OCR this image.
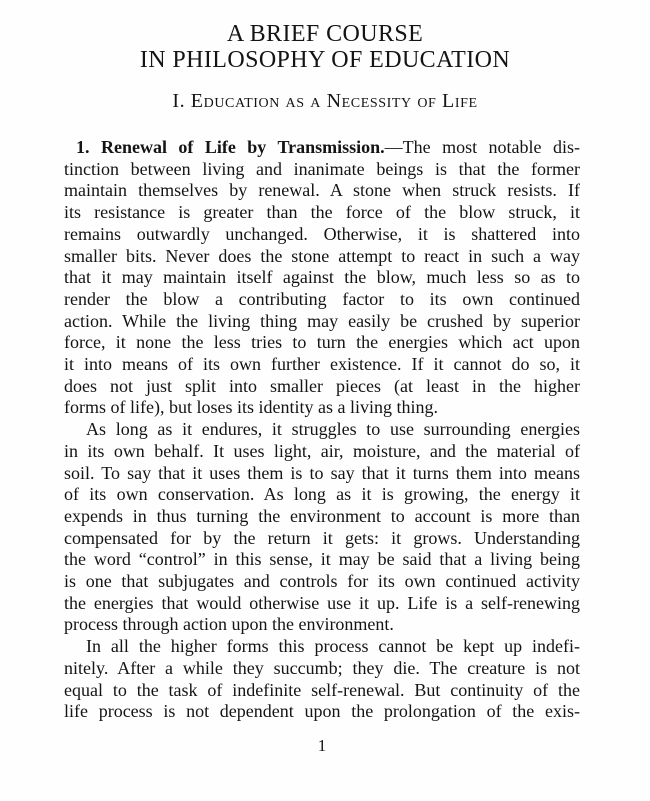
A BRIEF COURSE
IN PHILOSOPHY OF EDUCATION
I. Education as a Necessity of Life
1. Renewal of Life by Transmission.—The most notable dis-
tinction between living and inanimate beings is that the former
maintain themselves by renewal. A stone when struck resists. If
its resistance is greater than the force of the blow struck, it
remains outwardly unchanged. Otherwise, it is shattered into
smaller bits. Never does the stone attempt to react in such a way
that it may maintain itself against the blow, much less so as to
render the blow a contributing factor to its own continued
action. While the living thing may easily be crushed by superior
force, it none the less tries to turn the energies which act upon
it into means of its own further existence. If it cannot do so, it
does not just split into smaller pieces (at least in the higher
forms of life), but loses its identity as a living thing.
As long as it endures, it struggles to use surrounding energies
in its own behalf. It uses light, air, moisture, and the material of
soil. To say that it uses them is to say that it turns them into means
of its own conservation. As long as it is growing, the energy it
expends in thus turning the environment to account is more than
compensated for by the return it gets: it grows. Understanding
the word “control” in this sense, it may be said that a living being
is one that subjugates and controls for its own continued activity
the energies that would otherwise use it up. Life is a self-renewing
process through action upon the environment.
In all the higher forms this process cannot be kept up indefi-
nitely. After a while they succumb; they die. The creature is not
equal to the task of indefinite self-renewal. But continuity of the
life process is not dependent upon the prolongation of the exis-
1
